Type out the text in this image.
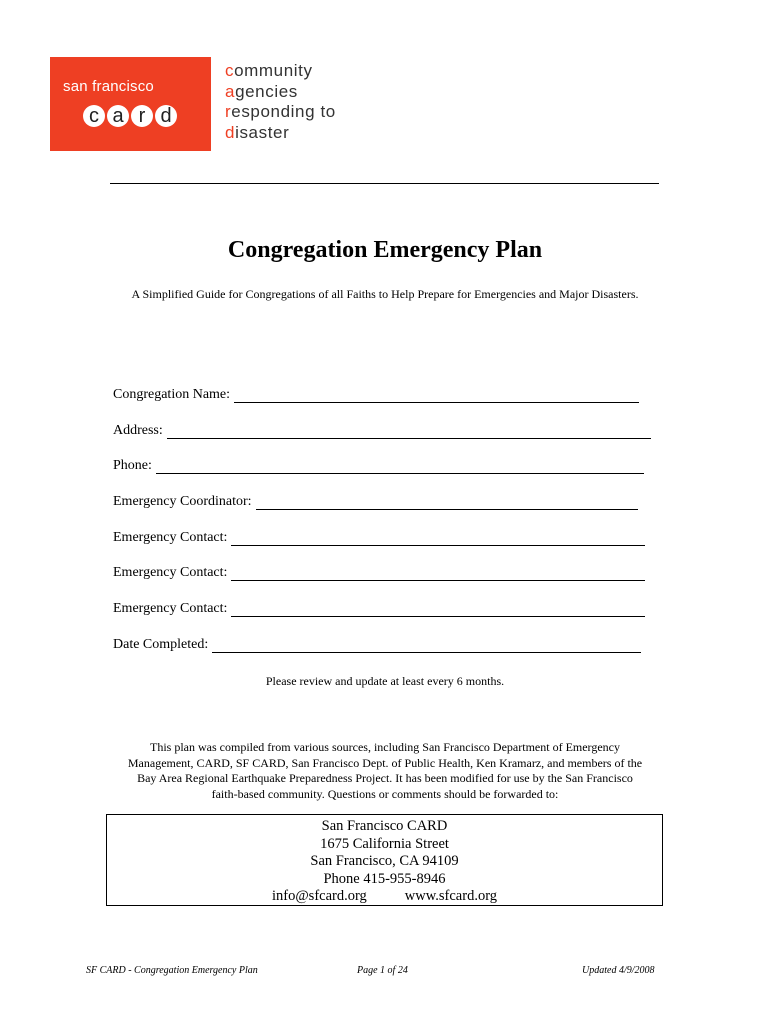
san francisco
c a r d
community
agencies
responding to
disaster
Congregation Emergency Plan
A Simplified Guide for Congregations of all Faiths to Help Prepare for Emergencies and Major Disasters.
Congregation Name:
Address:
Phone:
Emergency Coordinator:
Emergency Contact:
Emergency Contact:
Emergency Contact:
Date Completed:
Please review and update at least every 6 months.
This plan was compiled from various sources, including San Francisco Department of Emergency
Management, CARD, SF CARD, San Francisco Dept. of Public Health, Ken Kramarz, and members of the
Bay Area Regional Earthquake Preparedness Project. It has been modified for use by the San Francisco
faith-based community. Questions or comments should be forwarded to:
San Francisco CARD
1675 California Street
San Francisco, CA 94109
Phone 415-955-8946
info@sfcard.org	www.sfcard.org
SF CARD - Congregation Emergency Plan	Page 1 of 24	Updated 4/9/2008
